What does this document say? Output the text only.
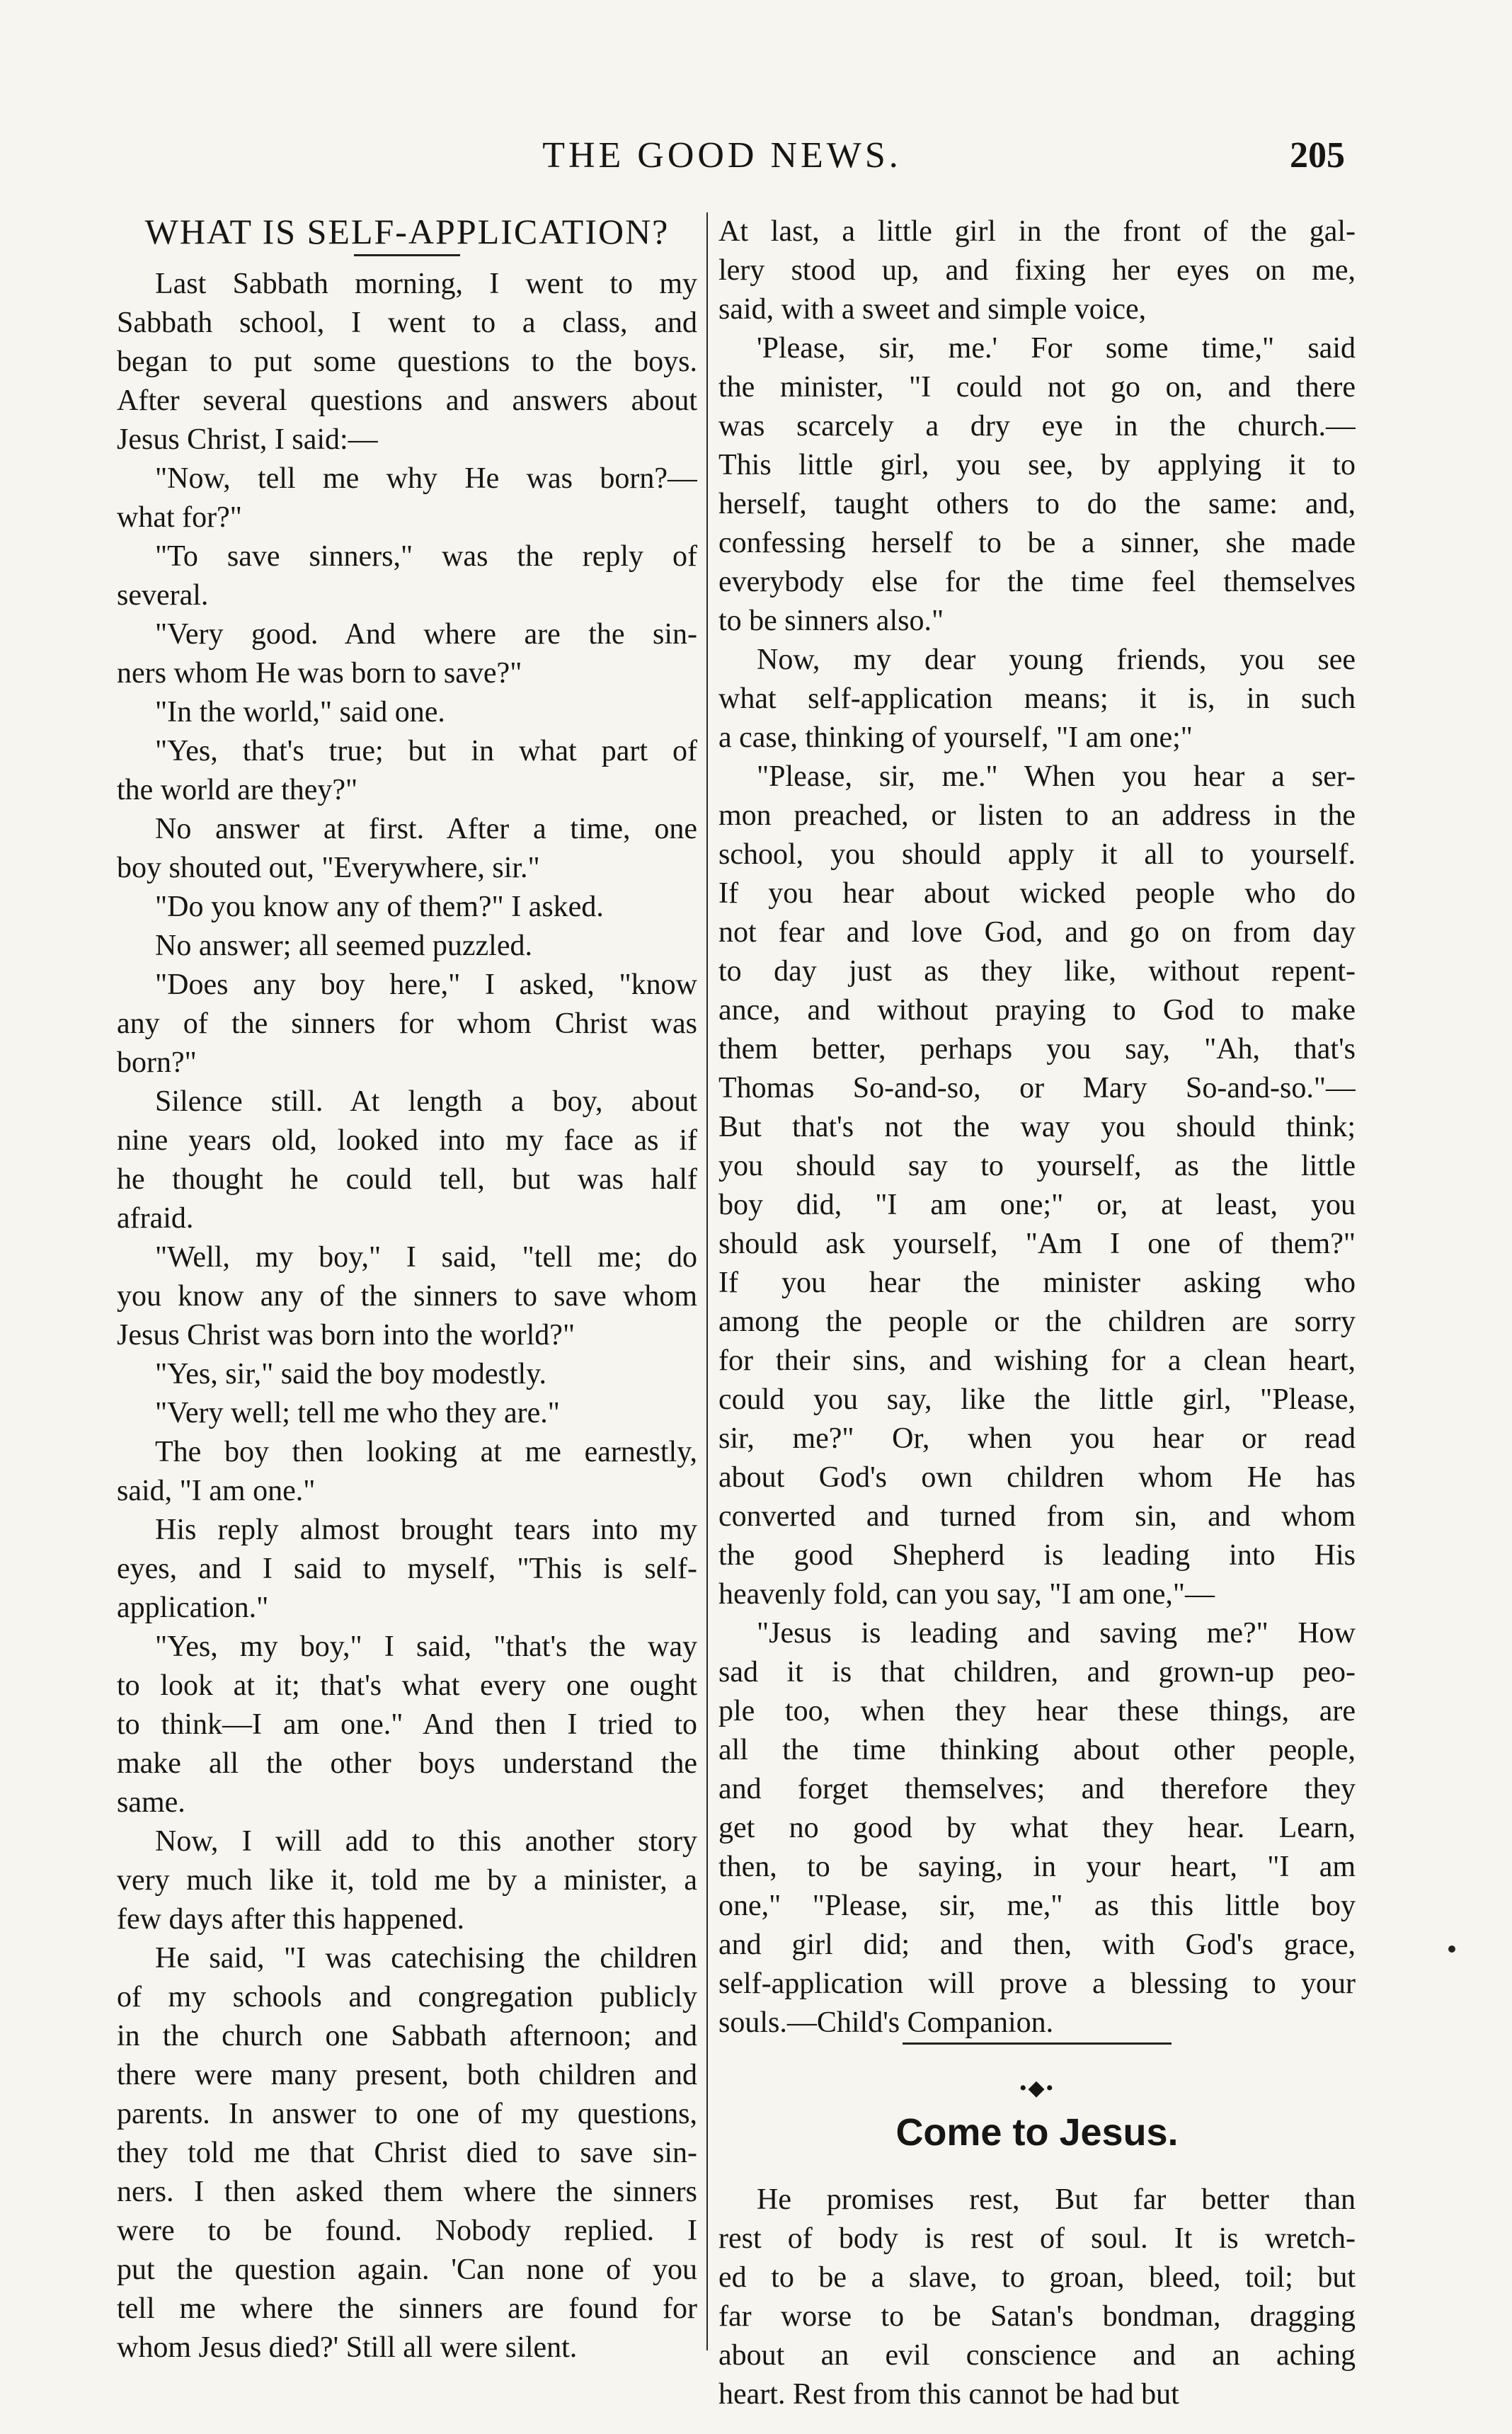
THE GOOD NEWS.	205
WHAT IS SELF-APPLICATION?
Last Sabbath morning, I went to my
Sabbath school, I went to a class, and
began to put some questions to the boys.
After several questions and answers about
Jesus Christ, I said:—
"Now, tell me why He was born?—
what for?"
"To save sinners," was the reply of
several.
"Very good. And where are the sin-
ners whom He was born to save?"
"In the world," said one.
"Yes, that's true; but in what part of
the world are they?"
No answer at first. After a time, one
boy shouted out, "Everywhere, sir."
"Do you know any of them?" I asked.
No answer; all seemed puzzled.
"Does any boy here," I asked, "know
any of the sinners for whom Christ was
born?"
Silence still. At length a boy, about
nine years old, looked into my face as if
he thought he could tell, but was half
afraid.
"Well, my boy," I said, "tell me; do
you know any of the sinners to save whom
Jesus Christ was born into the world?"
"Yes, sir," said the boy modestly.
"Very well; tell me who they are."
The boy then looking at me earnestly,
said, "I am one."
His reply almost brought tears into my
eyes, and I said to myself, "This is self-
application."
"Yes, my boy," I said, "that's the way
to look at it; that's what every one ought
to think—I am one." And then I tried to
make all the other boys understand the
same.
Now, I will add to this another story
very much like it, told me by a minister, a
few days after this happened.
He said, "I was catechising the children
of my schools and congregation publicly
in the church one Sabbath afternoon; and
there were many present, both children and
parents. In answer to one of my questions,
they told me that Christ died to save sin-
ners. I then asked them where the sinners
were to be found. Nobody replied. I
put the question again. 'Can none of you
tell me where the sinners are found for
whom Jesus died?' Still all were silent.
At last, a little girl in the front of the gal-
lery stood up, and fixing her eyes on me,
said, with a sweet and simple voice,
'Please, sir, me.' For some time," said
the minister, "I could not go on, and there
was scarcely a dry eye in the church.—
This little girl, you see, by applying it to
herself, taught others to do the same: and,
confessing herself to be a sinner, she made
everybody else for the time feel themselves
to be sinners also."
Now, my dear young friends, you see
what self-application means; it is, in such
a case, thinking of yourself, "I am one;"
"Please, sir, me." When you hear a ser-
mon preached, or listen to an address in the
school, you should apply it all to yourself.
If you hear about wicked people who do
not fear and love God, and go on from day
to day just as they like, without repent-
ance, and without praying to God to make
them better, perhaps you say, "Ah, that's
Thomas So-and-so, or Mary So-and-so."—
But that's not the way you should think;
you should say to yourself, as the little
boy did, "I am one;" or, at least, you
should ask yourself, "Am I one of them?"
If you hear the minister asking who
among the people or the children are sorry
for their sins, and wishing for a clean heart,
could you say, like the little girl, "Please,
sir, me?" Or, when you hear or read
about God's own children whom He has
converted and turned from sin, and whom
the good Shepherd is leading into His
heavenly fold, can you say, "I am one,"—
"Jesus is leading and saving me?" How
sad it is that children, and grown-up peo-
ple too, when they hear these things, are
all the time thinking about other people,
and forget themselves; and therefore they
get no good by what they hear. Learn,
then, to be saying, in your heart, "I am
one," "Please, sir, me," as this little boy
and girl did; and then, with God's grace,
self-application will prove a blessing to your
souls.—Child's Companion.
•◆•
Come to Jesus.
He promises rest, But far better than
rest of body is rest of soul. It is wretch-
ed to be a slave, to groan, bleed, toil; but
far worse to be Satan's bondman, dragging
about an evil conscience and an aching
heart. Rest from this cannot be had but
